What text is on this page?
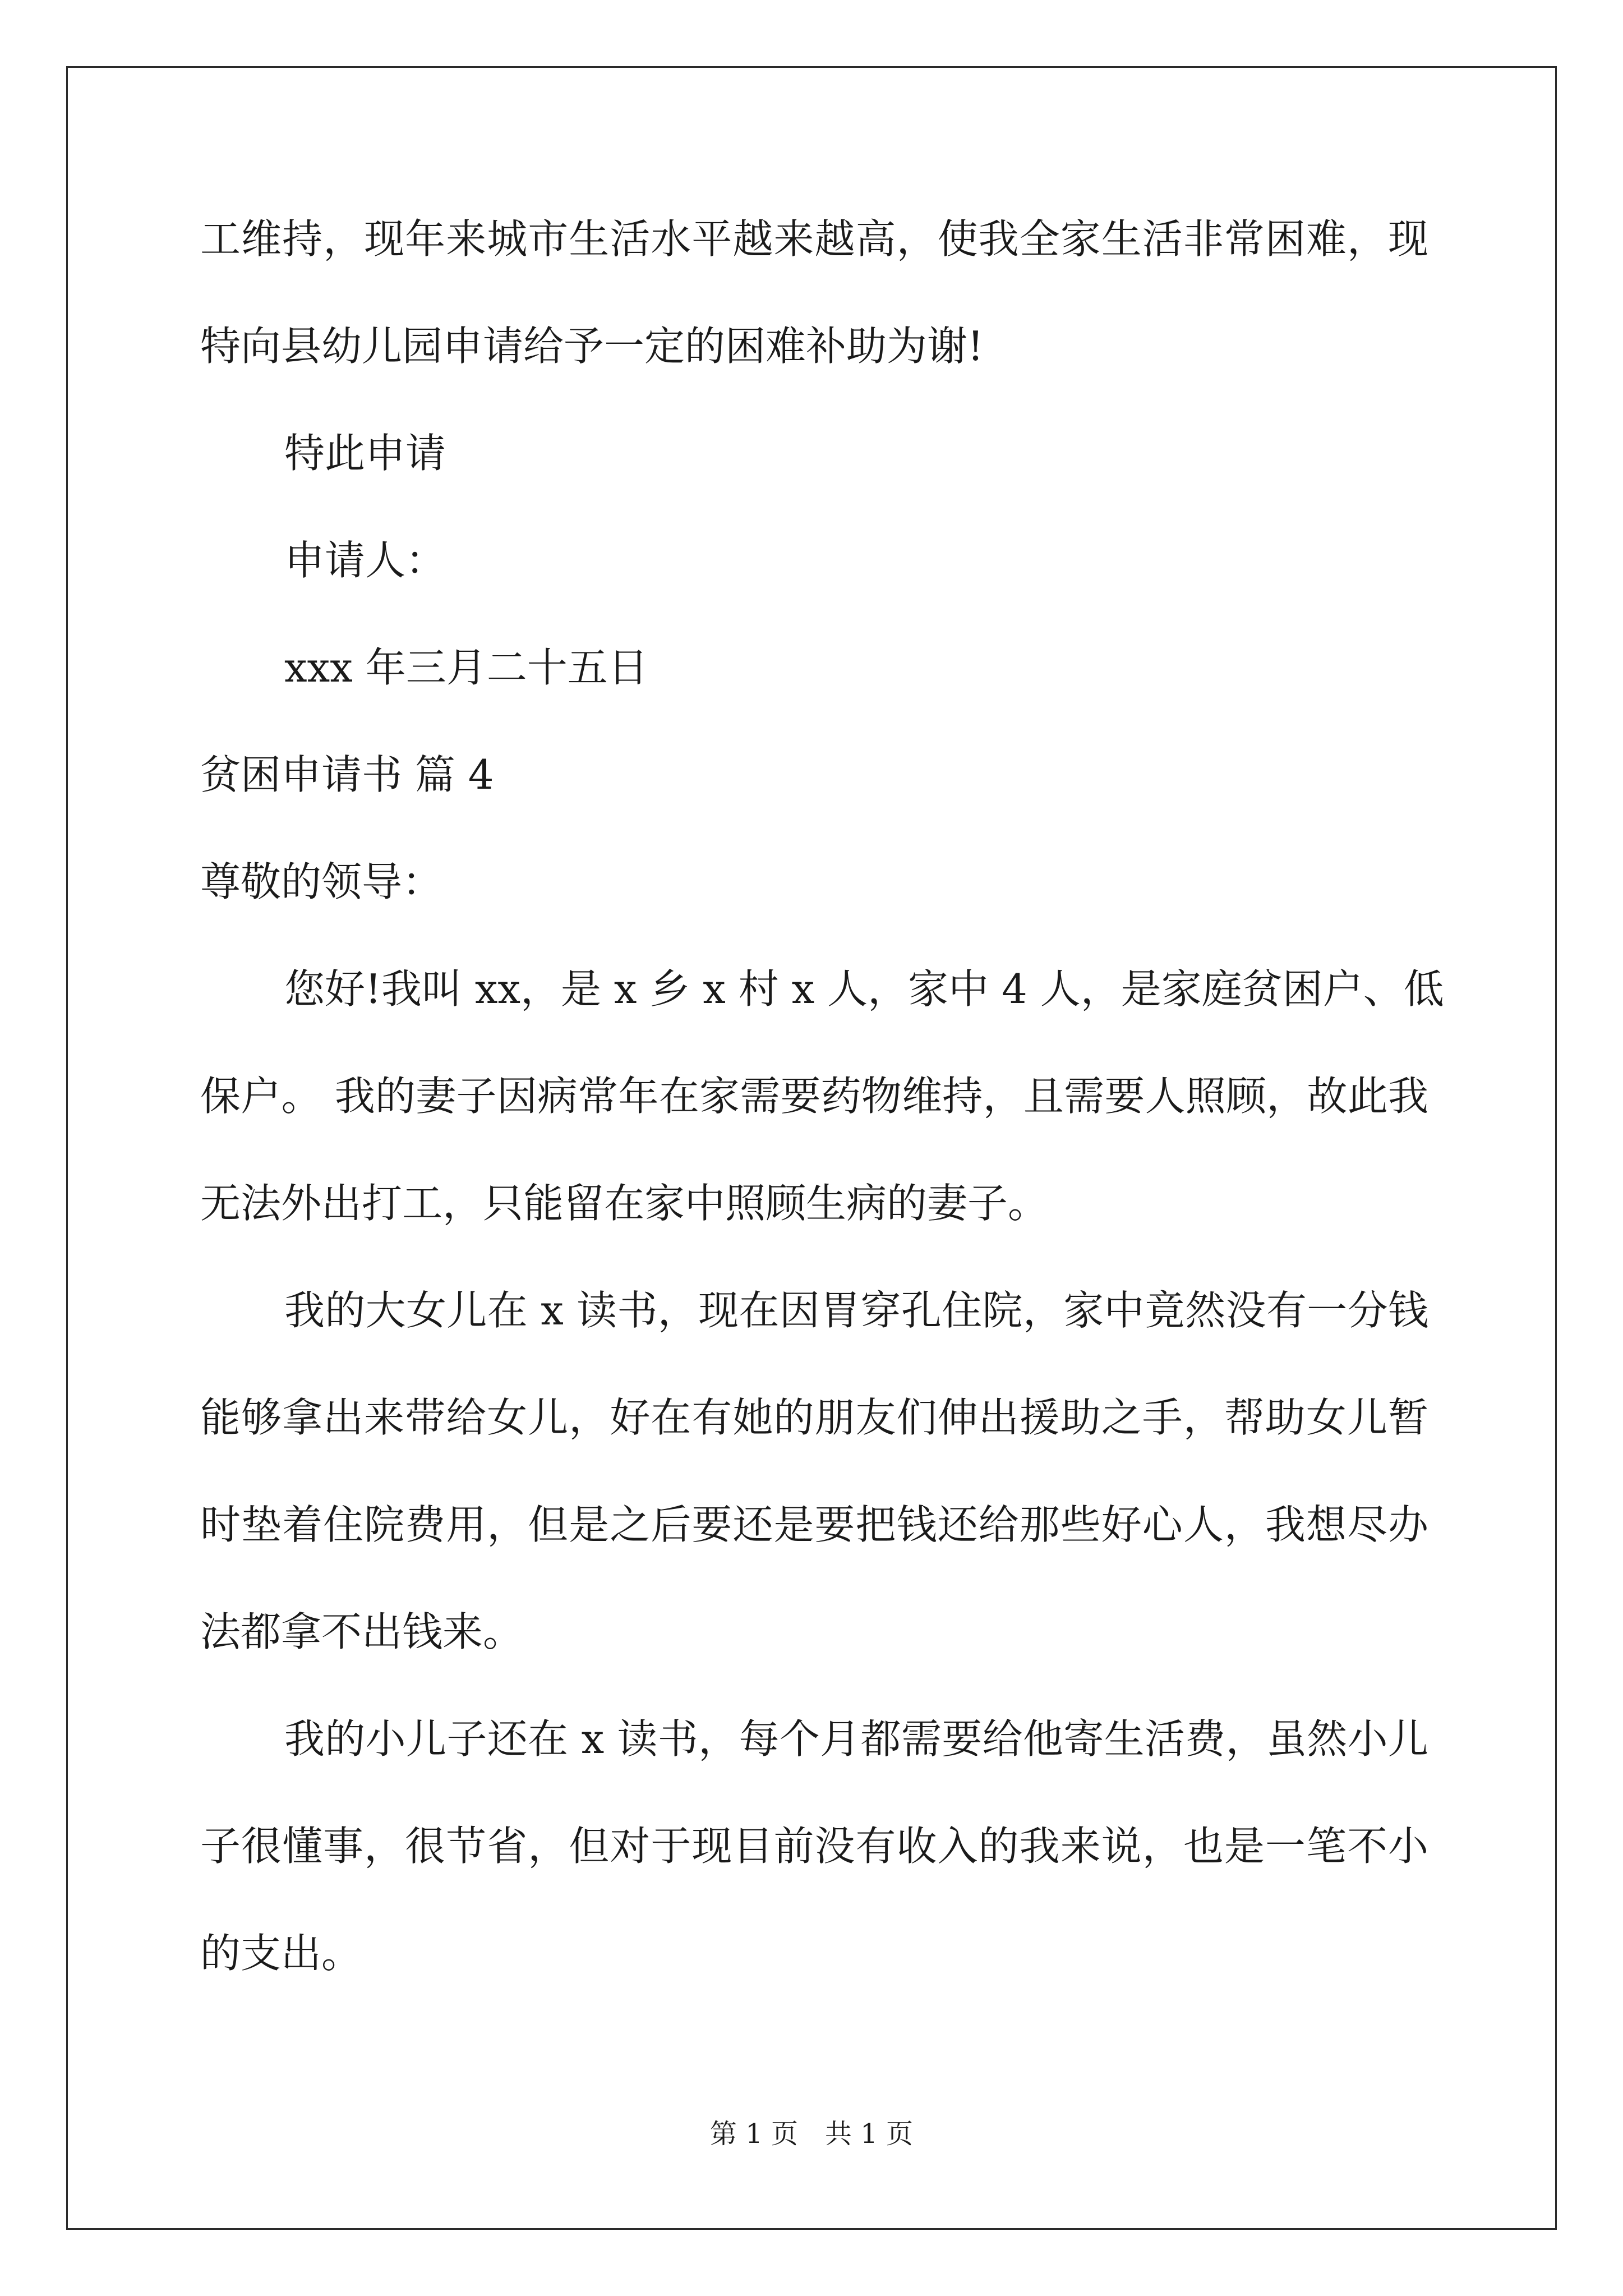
工维持，现年来城市生活水平越来越高，使我全家生活非常困难，现
特向县幼儿园申请给予一定的困难补助为谢!
特此申请
申请人：
xxx 年三月二十五日
贫困申请书 篇 4
尊敬的领导：
您好!我叫 xx，是 x 乡 x 村 x 人，家中 4 人，是家庭贫困户、低
保户。 我的妻子因病常年在家需要药物维持，且需要人照顾，故此我
无法外出打工，只能留在家中照顾生病的妻子。
我的大女儿在 x 读书，现在因胃穿孔住院，家中竟然没有一分钱
能够拿出来带给女儿，好在有她的朋友们伸出援助之手，帮助女儿暂
时垫着住院费用，但是之后要还是要把钱还给那些好心人，我想尽办
法都拿不出钱来。
我的小儿子还在 x 读书，每个月都需要给他寄生活费，虽然小儿
子很懂事，很节省，但对于现目前没有收入的我来说，也是一笔不小
的支出。
第 1 页　共 1 页
